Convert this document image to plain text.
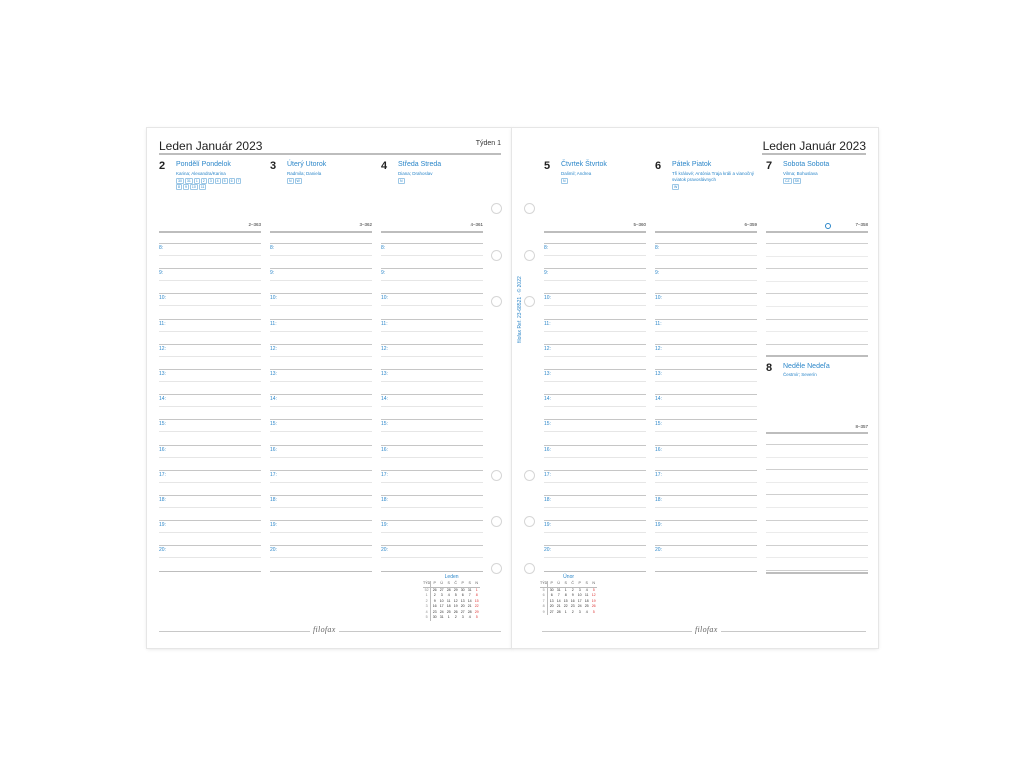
Leden Január 2023	Týden 1
Leden
TÝD	P	Ú	S	Č	P	S	N
52	26	27	28	29	30	31	1
1	2	3	4	5	6	7	8
2	9	10	11	12	13	14	15
3	16	17	18	19	20	21	22
4	23	24	25	26	27	28	29
5	30	31	1	2	3	4	5
filofax
2 Pondělí Pondelok
Karina; Alexandra/Karina
30 31 1 2 3 4 5 6 7
8 9 10 11
2–363
8:
9:
10:
11:
12:
13:
14:
15:
16:
17:
18:
19:
20:
3 Úterý Utorok
Radmila; Daniela
N W
3–362
8:
9:
10:
11:
12:
13:
14:
15:
16:
17:
18:
19:
20:
4 Středa Streda
Diana; Drahoslav
N
4–361
8:
9:
10:
11:
12:
13:
14:
15:
16:
17:
18:
19:
20:
Leden Január 2023
filofax Ref. 23-68521 · © 2022
Únor
TÝD	P	Ú	S	Č	P	S	N
5	30	31	1	2	3	4	5
6	6	7	8	9	10	11	12
7	13	14	15	16	17	18	19
8	20	21	22	23	24	25	26
9	27	28	1	2	3	4	5
filofax
5 Čtvrtek Štvrtok
Dalimil; Andrea
N
5–360
8:
9:
10:
11:
12:
13:
14:
15:
16:
17:
18:
19:
20:
6 Pátek Piatok
Tři králové; Antónia Traja králi a vianočný sviatok pravoslávnych
W
6–359
8:
9:
10:
11:
12:
13:
14:
15:
16:
17:
18:
19:
20:
7 Sobota Sobota
Vilma; Bohuslava
CZ SK
7–358
8 Neděle Nedeľa
Čestmír; Severín
8–357
